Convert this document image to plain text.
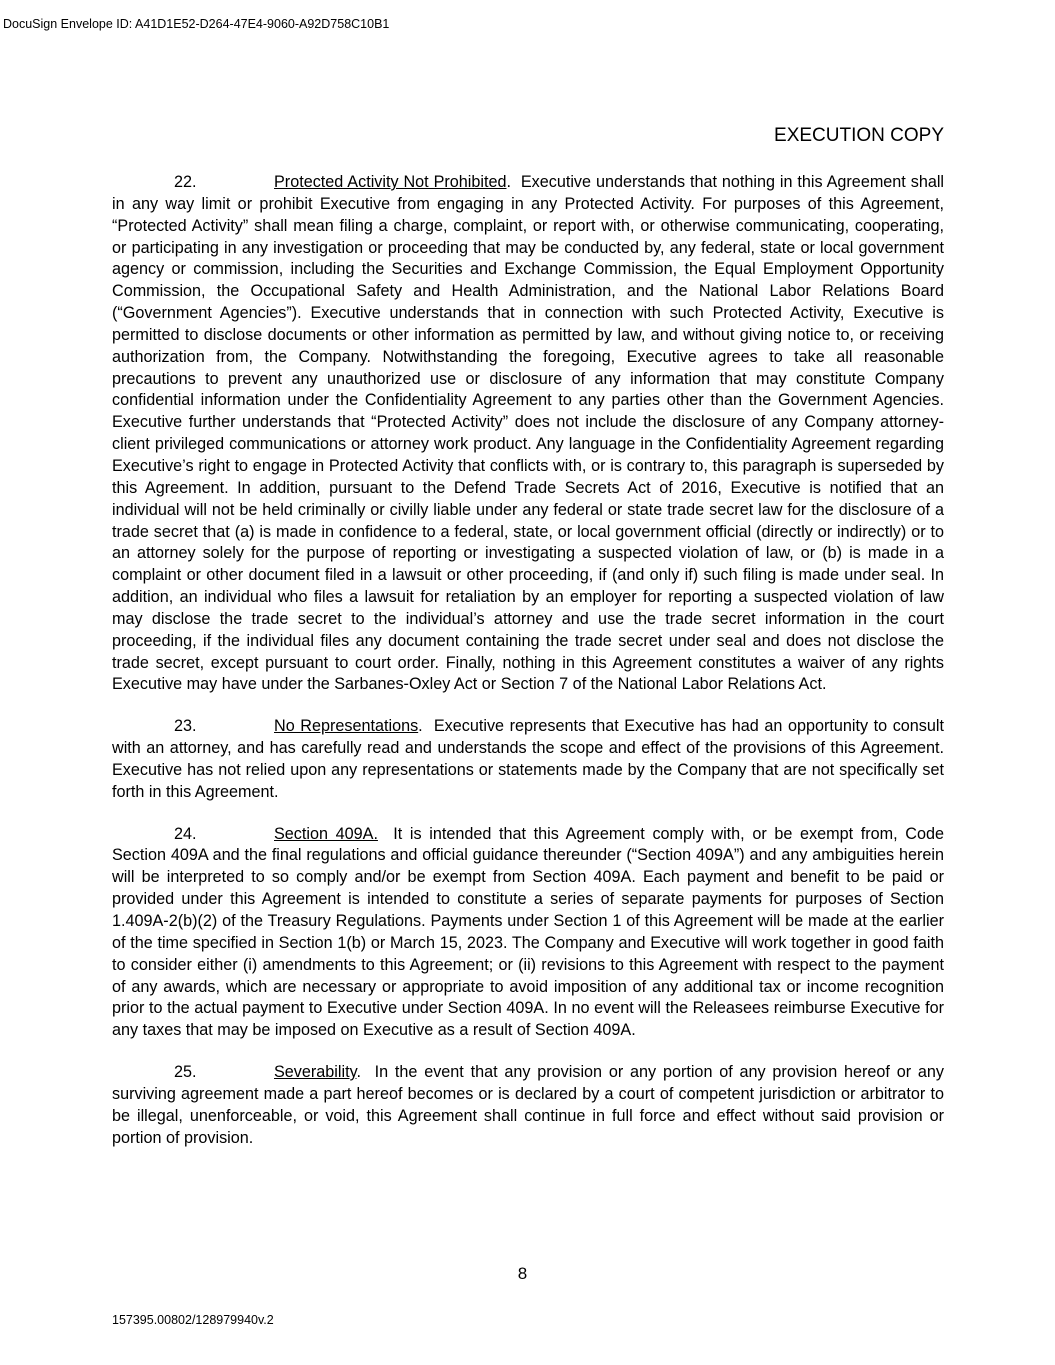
DocuSign Envelope ID: A41D1E52-D264-47E4-9060-A92D758C10B1
EXECUTION COPY

22.	Protected Activity Not Prohibited. Executive understands that nothing in this Agreement shall in any way limit or prohibit Executive from engaging in any Protected Activity. For purposes of this Agreement, “Protected Activity” shall mean filing a charge, complaint, or report with, or otherwise communicating, cooperating, or participating in any investigation or proceeding that may be conducted by, any federal, state or local government agency or commission, including the Securities and Exchange Commission, the Equal Employment Opportunity Commission, the Occupational Safety and Health Administration, and the National Labor Relations Board (“Government Agencies”). Executive understands that in connection with such Protected Activity, Executive is permitted to disclose documents or other information as permitted by law, and without giving notice to, or receiving authorization from, the Company. Notwithstanding the foregoing, Executive agrees to take all reasonable precautions to prevent any unauthorized use or disclosure of any information that may constitute Company confidential information under the Confidentiality Agreement to any parties other than the Government Agencies. Executive further understands that “Protected Activity” does not include the disclosure of any Company attorney-client privileged communications or attorney work product. Any language in the Confidentiality Agreement regarding Executive’s right to engage in Protected Activity that conflicts with, or is contrary to, this paragraph is superseded by this Agreement. In addition, pursuant to the Defend Trade Secrets Act of 2016, Executive is notified that an individual will not be held criminally or civilly liable under any federal or state trade secret law for the disclosure of a trade secret that (a) is made in confidence to a federal, state, or local government official (directly or indirectly) or to an attorney solely for the purpose of reporting or investigating a suspected violation of law, or (b) is made in a complaint or other document filed in a lawsuit or other proceeding, if (and only if) such filing is made under seal. In addition, an individual who files a lawsuit for retaliation by an employer for reporting a suspected violation of law may disclose the trade secret to the individual’s attorney and use the trade secret information in the court proceeding, if the individual files any document containing the trade secret under seal and does not disclose the trade secret, except pursuant to court order. Finally, nothing in this Agreement constitutes a waiver of any rights Executive may have under the Sarbanes-Oxley Act or Section 7 of the National Labor Relations Act.

23.	No Representations. Executive represents that Executive has had an opportunity to consult with an attorney, and has carefully read and understands the scope and effect of the provisions of this Agreement. Executive has not relied upon any representations or statements made by the Company that are not specifically set forth in this Agreement.

24.	Section 409A. It is intended that this Agreement comply with, or be exempt from, Code Section 409A and the final regulations and official guidance thereunder (“Section 409A”) and any ambiguities herein will be interpreted to so comply and/or be exempt from Section 409A. Each payment and benefit to be paid or provided under this Agreement is intended to constitute a series of separate payments for purposes of Section 1.409A-2(b)(2) of the Treasury Regulations. Payments under Section 1 of this Agreement will be made at the earlier of the time specified in Section 1(b) or March 15, 2023. The Company and Executive will work together in good faith to consider either (i) amendments to this Agreement; or (ii) revisions to this Agreement with respect to the payment of any awards, which are necessary or appropriate to avoid imposition of any additional tax or income recognition prior to the actual payment to Executive under Section 409A. In no event will the Releasees reimburse Executive for any taxes that may be imposed on Executive as a result of Section 409A.

25.	Severability. In the event that any provision or any portion of any provision hereof or any surviving agreement made a part hereof becomes or is declared by a court of competent jurisdiction or arbitrator to be illegal, unenforceable, or void, this Agreement shall continue in full force and effect without said provision or portion of provision.

8
157395.00802/128979940v.2
